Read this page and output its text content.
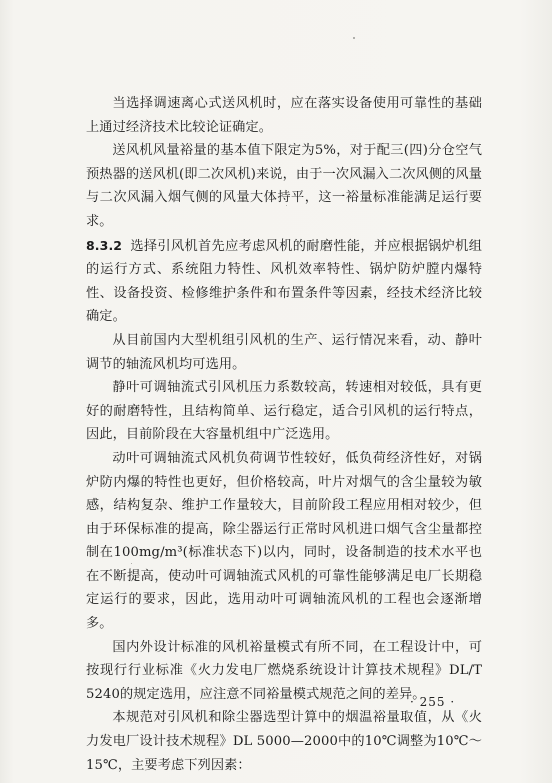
当选择调速离心式送风机时，应在落实设备使用可靠性的基础上通过经济技术比较论证确定。

送风机风量裕量的基本值下限定为5%，对于配三(四)分仓空气预热器的送风机(即二次风机)来说，由于一次风漏入二次风侧的风量与二次风漏入烟气侧的风量大体持平，这一裕量标准能满足运行要求。

8.3.2 选择引风机首先应考虑风机的耐磨性能，并应根据锅炉机组的运行方式、系统阻力特性、风机效率特性、锅炉防炉膛内爆特性、设备投资、检修维护条件和布置条件等因素，经技术经济比较确定。

从目前国内大型机组引风机的生产、运行情况来看，动、静叶调节的轴流风机均可选用。

静叶可调轴流式引风机压力系数较高，转速相对较低，具有更好的耐磨特性，且结构简单、运行稳定，适合引风机的运行特点，因此，目前阶段在大容量机组中广泛选用。

动叶可调轴流式风机负荷调节性较好，低负荷经济性好，对锅炉防内爆的特性也更好，但价格较高，叶片对烟气的含尘量较为敏感，结构复杂、维护工作量较大，目前阶段工程应用相对较少，但由于环保标准的提高，除尘器运行正常时风机进口烟气含尘量都控制在100mg/m³(标准状态下)以内，同时，设备制造的技术水平也在不断提高，使动叶可调轴流式风机的可靠性能够满足电厂长期稳定运行的要求，因此，选用动叶可调轴流风机的工程也会逐渐增多。

国内外设计标准的风机裕量模式有所不同，在工程设计中，可按现行行业标准《火力发电厂燃烧系统设计计算技术规程》DL/T 5240的规定选用，应注意不同裕量模式规范之间的差异。

本规范对引风机和除尘器选型计算中的烟温裕量取值，从《火力发电厂设计技术规程》DL 5000—2000中的10℃调整为10℃～15℃，主要考虑下列因素：

· 255 ·
